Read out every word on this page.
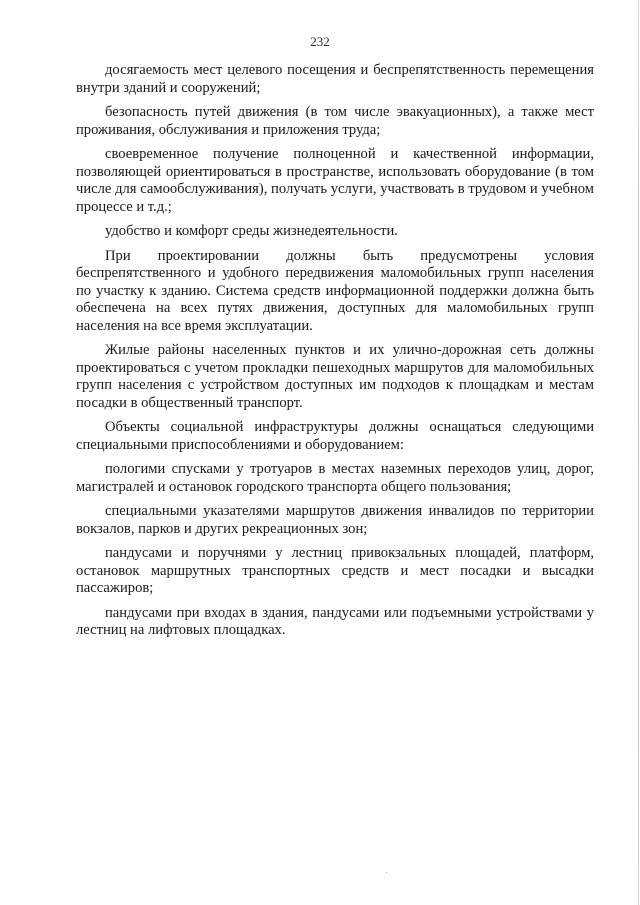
232

досягаемость мест целевого посещения и беспрепятственность перемещения внутри зданий и сооружений;

безопасность путей движения (в том числе эвакуационных), а также мест проживания, обслуживания и приложения труда;

своевременное получение полноценной и качественной информации, позволяющей ориентироваться в пространстве, использовать оборудование (в том числе для самообслуживания), получать услуги, участвовать в трудовом и учебном процессе и т.д.;

удобство и комфорт среды жизнедеятельности.

При проектировании должны быть предусмотрены условия беспрепятственного и удобного передвижения маломобильных групп населения по участку к зданию. Система средств информационной поддержки должна быть обеспечена на всех путях движения, доступных для маломобильных групп населения на все время эксплуатации.

Жилые районы населенных пунктов и их улично-дорожная сеть должны проектироваться с учетом прокладки пешеходных маршрутов для маломобильных групп населения с устройством доступных им подходов к площадкам и местам посадки в общественный транспорт.

Объекты социальной инфраструктуры должны оснащаться следующими специальными приспособлениями и оборудованием:

пологими спусками у тротуаров в местах наземных переходов улиц, дорог, магистралей и остановок городского транспорта общего пользования;

специальными указателями маршрутов движения инвалидов по территории вокзалов, парков и других рекреационных зон;

пандусами и поручнями у лестниц привокзальных площадей, платформ, остановок маршрутных транспортных средств и мест посадки и высадки пассажиров;

пандусами при входах в здания, пандусами или подъемными устройствами у лестниц на лифтовых площадках.
